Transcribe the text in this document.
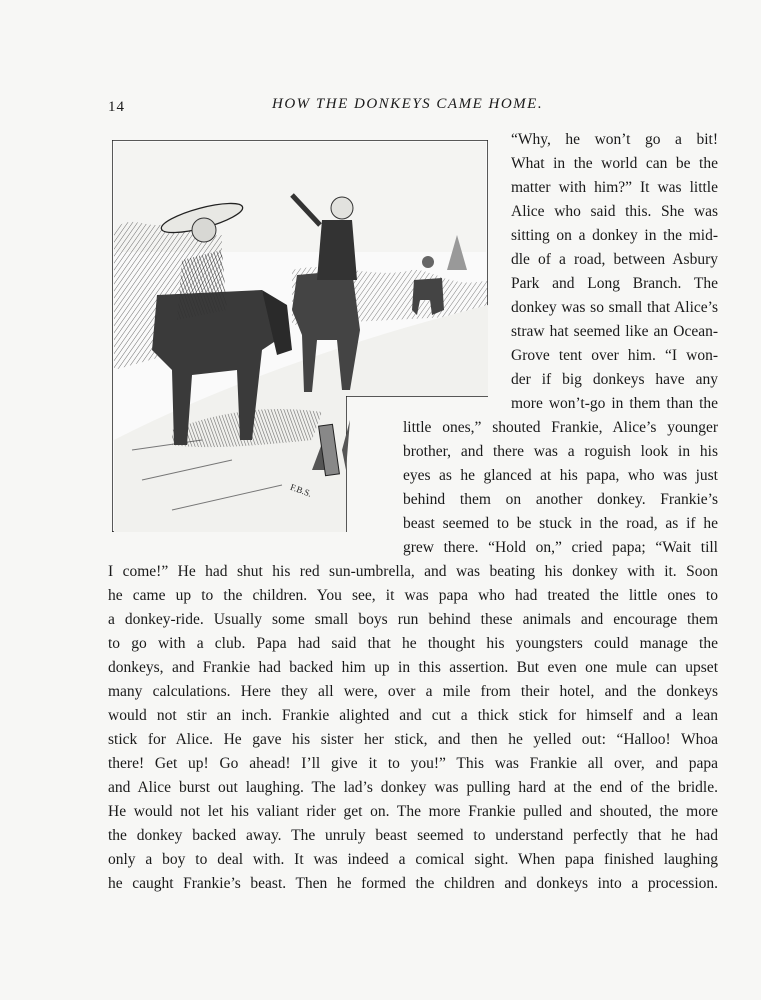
14	HOW THE DONKEYS CAME HOME.
F.B.S.
“Why, he won’t go a bit!
What in the world can be the
matter with him?” It was little
Alice who said this. She was
sitting on a donkey in the mid-
dle of a road, between Asbury
Park and Long Branch. The
donkey was so small that Alice’s
straw hat seemed like an Ocean-
Grove tent over him. “I won-
der if big donkeys have any
more won’t-go in them than the
little ones,” shouted Frankie, Alice’s younger
brother, and there was a roguish look in his
eyes as he glanced at his papa, who was just
behind them on another donkey. Frankie’s
beast seemed to be stuck in the road, as if he
grew there. “Hold on,” cried papa; “Wait till
I come!” He had shut his red sun-umbrella, and was beating his donkey with it. Soon
he came up to the children. You see, it was papa who had treated the little ones to
a donkey-ride. Usually some small boys run behind these animals and encourage them
to go with a club. Papa had said that he thought his youngsters could manage the
donkeys, and Frankie had backed him up in this assertion. But even one mule can upset
many calculations. Here they all were, over a mile from their hotel, and the donkeys
would not stir an inch. Frankie alighted and cut a thick stick for himself and a lean
stick for Alice. He gave his sister her stick, and then he yelled out: “Halloo! Whoa
there! Get up! Go ahead! I’ll give it to you!” This was Frankie all over, and papa
and Alice burst out laughing. The lad’s donkey was pulling hard at the end of the bridle.
He would not let his valiant rider get on. The more Frankie pulled and shouted, the more
the donkey backed away. The unruly beast seemed to understand perfectly that he had
only a boy to deal with. It was indeed a comical sight. When papa finished laughing
he caught Frankie’s beast. Then he formed the children and donkeys into a procession.
